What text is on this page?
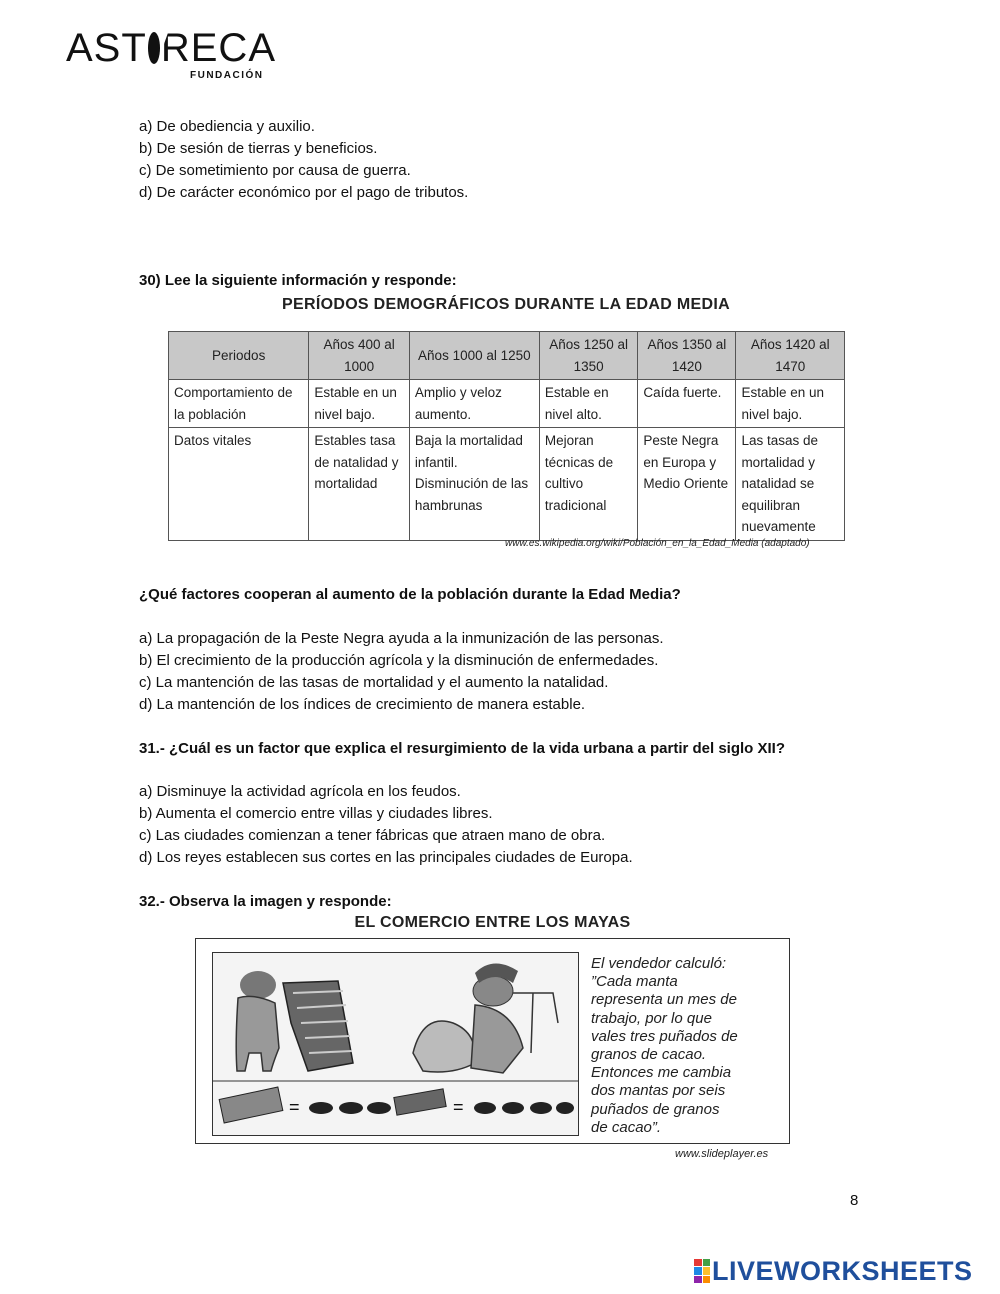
AST RECA
FUNDACIÓN
a) De obediencia y auxilio.
b) De sesión de tierras y beneficios.
c) De sometimiento por causa de guerra.
d) De carácter económico por el pago de tributos.
30) Lee la siguiente información y responde:
PERÍODOS DEMOGRÁFICOS DURANTE LA EDAD MEDIA
Periodos	Años 400 al 1000	Años 1000 al 1250	Años 1250 al 1350	Años 1350 al 1420	Años 1420 al 1470
Comportamiento de la población	Estable en un nivel bajo.	Amplio y veloz aumento.	Estable en nivel alto.	Caída fuerte.	Estable en un nivel bajo.
Datos vitales	Estables tasa de natalidad y mortalidad	Baja la mortalidad infantil. Disminución de las hambrunas	Mejoran técnicas de cultivo tradicional	Peste Negra en Europa y Medio Oriente	Las tasas de mortalidad y natalidad se equilibran nuevamente
www.es.wikipedia.org/wiki/Población_en_la_Edad_Media (adaptado)
¿Qué factores cooperan al aumento de la población durante la Edad Media?
a) La propagación de la Peste Negra ayuda a la inmunización de las personas.
b) El crecimiento de la producción agrícola y la disminución de enfermedades.
c) La mantención de las tasas de mortalidad y el aumento la natalidad.
d) La mantención de los índices de crecimiento de manera estable.
31.- ¿Cuál es un factor que explica el resurgimiento de la vida urbana a partir del siglo XII?
a) Disminuye la actividad agrícola en los feudos.
b) Aumenta el comercio entre villas y ciudades libres.
c) Las ciudades comienzan a tener fábricas que atraen mano de obra.
d) Los reyes establecen sus cortes en las principales ciudades de Europa.
32.- Observa la imagen y responde:
EL COMERCIO ENTRE LOS MAYAS
=	=
El vendedor calculó:
”Cada manta
representa un mes de
trabajo, por lo que
vales tres puñados de
granos de cacao.
Entonces me cambia
dos mantas por seis
puñados de granos
de cacao”.
www.slideplayer.es
8
LIVEWORKSHEETS
